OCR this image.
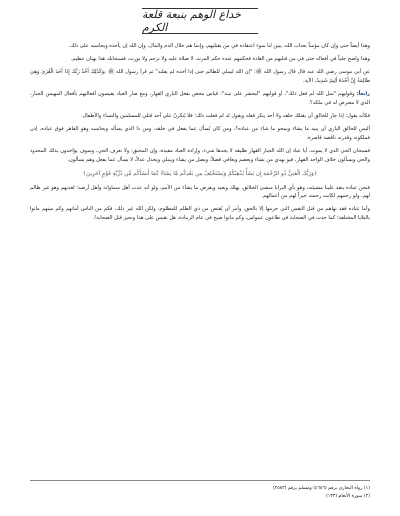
خداع الوهم بنبعة قلعة الكرم

وهذا أيضاً حتى وإن كان مؤمناً بعذاب الله، يبين لنا سوء اعتقاده في من يقتليهم، وإنما هم حلال الدم والمال، وإن الله إن يأخذه ويحاسبه على ذلك.

وهذا واضح جلياً في أفعاله حتى في من قتليهم من القادة فحكمهم عنده حكم المرتد، لا صلاة عليه ولا ترحم ولا يورث، فسبحانك هذا بهتان عظيم.

عن أبي موسى رضي الله عنه قال قال رسول الله ﷺ: "إن الله ليملي للظالم حتى إذا أخذه لم يفلته" ثم قرأ رسول الله ﷺ ﴿وَكَذَٰلِكَ أَخْذُ رَبِّكَ إِذَا أَخَذَ الْقُرَىٰ وَهِيَ ظَالِمَةٌ إِنَّ أَخْذَهُ أَلِيمٌ شَدِيدٌ﴾ الآية.

رابعاً: وقوليهم "سل الله لم فعل ذلك"، أو قوليهم "ليحشر على نيته": قياس محض بفعل الباري القهار، ومغ صار العباد يقيسون أفعاليهم بأفعال المهيمن الجبار، الذي لا معترض له في ملكه؟.

فكأنه يقول: إذا جاز للخالق أن يقتلك خلقه ولا أحد ينكر فعله ويقول له لم فعلت ذلك؛ فلا يُنكرنّ علي أحد قتلي للمسلمين والنساء والأطفال.

أليس للخالق الباري أن يبيد ما يشاء ويمحو ما شاء من عباده؟، ومن كان يُسأل عما يفعل في خلقه، ومن ذا الذي يسأله ويحاسبه وهو القاهر فوق عباده، إذن فملكوته وقدرته ناقصة قاصرة.

فسبحان الحي الذي لا يموت، أيا عباد إن الله الجبار القهار طليقة لا يحدها شيء، وإرادة العباد مقيدة، وإن المحتق: ولا تعرف الحي، وسوف يؤاخذون بذلك المحدود والحي ويسألون خلاف الواحد القهار، فيو يهدي من يشاء ويعصم ويعافي فضلاً، ويضل من يشاء ويبتلي ويخذل عدلاً، لا يسأل عما يفعل وهم يسألون.

﴿وَرَبُّكَ الْغَنِيُّ ذُو الرَّحْمَةِ إِن يَشَأْ يُذْهِبْكُمْ وَيَسْتَخْلِفْ مِن بَعْدِكُم مَّا يَشَاءُ كَمَا أَنشَأَكُم مِّن ذُرِّيَّةِ قَوْمٍ آخَرِينَ﴾

فنحن عباده ينفذ علينا مشيئته، وهو بأي البرايا منشئ الخلائق، يهلك ويعيد ويفرض ما يشاء من الأمم، ولو أنه عذب أهل سماواته وأهل أرضه؛ لعذبهم وهو غير ظالم لهم، ولو رحمهم لكانت رحمته خيراً لهم من أعمالهم.

وأما عباده فقد نهاهم من قتل النفس التي حرمها إلا بالحق، وأمر أن يُقتص من ذي الظلم للمظلوم، ولكن الله غير ذلك، فكم من الناس أماتهم وكم ميتهم مانوا بالبلايا المختلفة؛ كما حدث في الصحابة في طاعون عمواس، وكم ماتوا صبح في عام الرمادة، هل نقيس على هذا ونجيز قتل الصحابة!.

(١) رواه البخاري برقم (٤٦٨٦) ومسلم برقم (٢٥٨٣)
(٢) سورة الأنعام (١٣٣)
